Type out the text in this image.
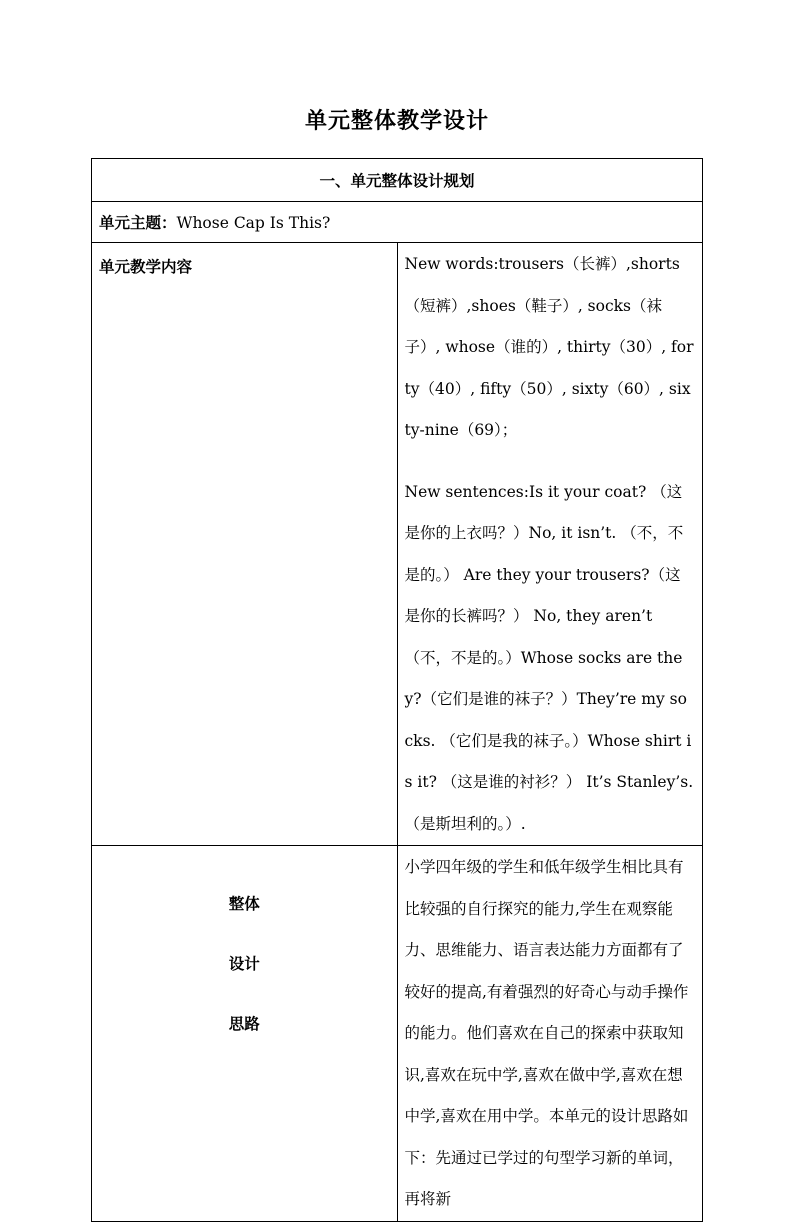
单元整体教学设计
一、单元整体设计规划	
单元主题：Whose Cap Is This?	
单元教学内容	New words:trousers（长裤）,shorts（短裤）,shoes（鞋子）, socks（袜子）, whose（谁的）, thirty（30）, forty（40）, fifty（50）, sixty（60）, sixty-nine（69）；
New sentences:Is it your coat? （这是你的上衣吗？）No, it isn’t. （不，不是的。） Are they your trousers?（这是你的长裤吗？） No, they aren’t （不，不是的。）Whose socks are they?（它们是谁的袜子？）They’re my socks. （它们是我的袜子。）Whose shirt is it? （这是谁的衬衫？） It’s Stanley’s.（是斯坦利的。）.

整体
设计
思路	小学四年级的学生和低年级学生相比具有比较强的自行探究的能力,学生在观察能力、思维能力、语言表达能力方面都有了较好的提高,有着强烈的好奇心与动手操作的能力。他们喜欢在自己的探索中获取知识,喜欢在玩中学,喜欢在做中学,喜欢在想中学,喜欢在用中学。本单元的设计思路如下：先通过已学过的句型学习新的单词，再将新
